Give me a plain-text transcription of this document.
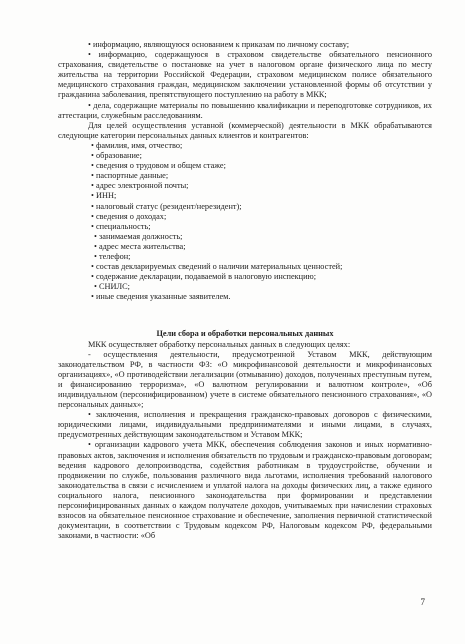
• информацию, являющуюся основанием к приказам по личному составу;

• информацию, содержащуюся в страховом свидетельстве обязательного пенсионного страхования, свидетельстве о постановке на учет в налоговом органе физического лица по месту жительства на территории Российской Федерации, страховом медицинском полисе обязательного медицинского страхования граждан, медицинском заключении установленной формы об отсутствии у гражданина заболевания, препятствующего поступлению на работу в МКК;

• дела, содержащие материалы по повышению квалификации и переподготовке сотрудников, их аттестации, служебным расследованиям.

Для целей осуществления уставной (коммерческой) деятельности в МКК обрабатываются следующие категории персональных данных клиентов и контрагентов:

• фамилия, имя, отчество;

• образование;

• сведения о трудовом и общем стаже;

• паспортные данные;

• адрес электронной почты;

• ИНН;

• налоговый статус (резидент/нерезидент);

• сведения о доходах;

• специальность;

• занимаемая должность;

• адрес места жительства;

• телефон;

• состав декларируемых сведений о наличии материальных ценностей;

• содержание декларации, подаваемой в налоговую инспекцию;

• СНИЛС;

• иные сведения указанные заявителем.

Цели сбора и обработки персональных данных

МКК осуществляет обработку персональных данных в следующих целях:

- осуществления деятельности, предусмотренной Уставом МКК, действующим законодательством РФ, в частности ФЗ: «О микрофинансовой деятельности и микрофинансовых организациях», «О противодействии легализации (отмыванию) доходов, полученных преступным путем, и финансированию терроризма», «О валютном регулировании и валютном контроле», «Об индивидуальном (персонифицированном) учете в системе обязательного пенсионного страхования», «О персональных данных»;

• заключения, исполнения и прекращения гражданско-правовых договоров с физическими, юридическими лицами, индивидуальными предпринимателями и иными лицами, в случаях, предусмотренных действующим законодательством и Уставом МКК;

• организации кадрового учета МКК, обеспечения соблюдения законов и иных нормативно-правовых актов, заключения и исполнения обязательств по трудовым и гражданско-правовым договорам; ведения кадрового делопроизводства, содействия работникам в трудоустройстве, обучении и продвижении по службе, пользования различного вида льготами, исполнения требований налогового законодательства в связи с исчислением и уплатой налога на доходы физических лиц, а также единого социального налога, пенсионного законодательства при формировании и представлении персонифицированных данных о каждом получателе доходов, учитываемых при начислении страховых взносов на обязательное пенсионное страхование и обеспечение, заполнения первичной статистической документации, в соответствии с Трудовым кодексом РФ, Налоговым кодексом РФ, федеральными законами, в частности: «Об

7
